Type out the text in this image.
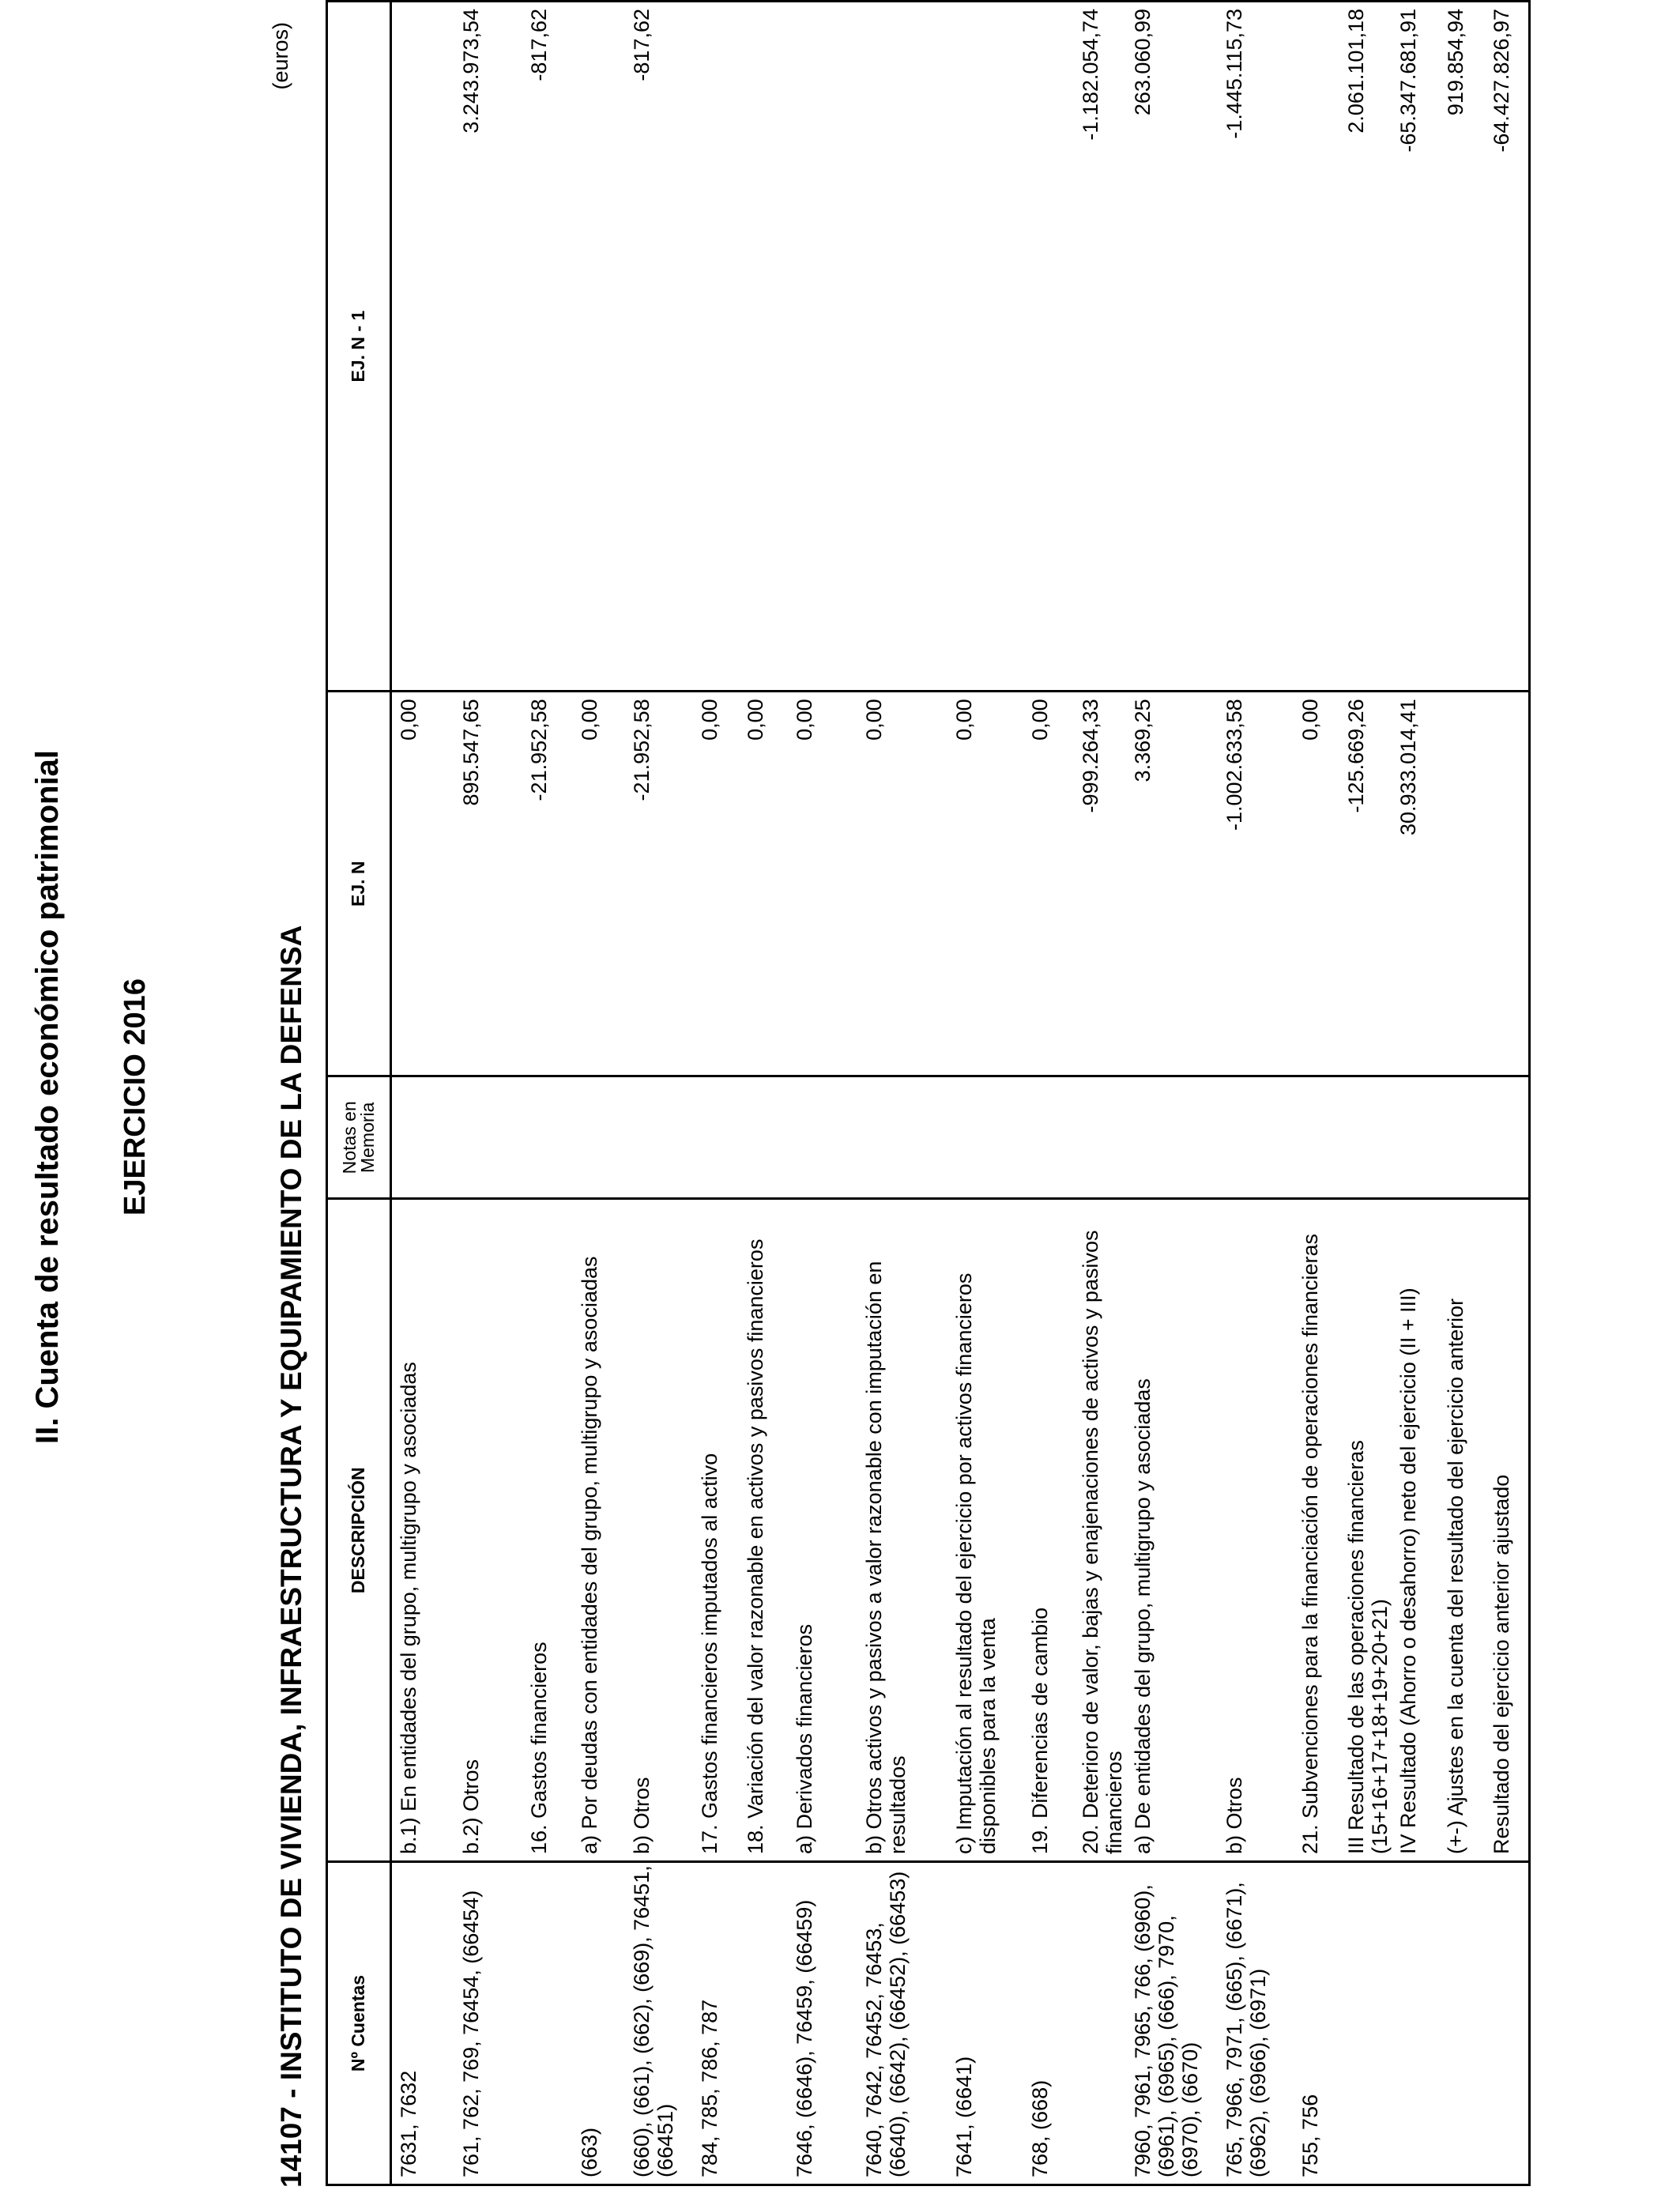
II. Cuenta de resultado económico patrimonial EJERCICIO 2016	14107 - INSTITUTO DE VIVIENDA, INFRAESTRUCTURA Y EQUIPAMIENTO DE LA DEFENSA
(euros)
Nº Cuentas	DESCRIPCIÓN	Notas en Memoria	EJ. N	EJ. N - 1
7631, 7632	b.1) En entidades del grupo, multigrupo y asociadas		0,00	
761, 762, 769, 76454, (66454)	b.2) Otros		895.547,65	3.243.973,54
	16. Gastos financieros		-21.952,58	-817,62
(663)	a) Por deudas con entidades del grupo, multigrupo y asociadas		0,00	
(660), (661), (662), (669), 76451, (66451)	b) Otros		-21.952,58	-817,62
784, 785, 786, 787	17. Gastos financieros imputados al activo		0,00	
	18. Variación del valor razonable en activos y pasivos financieros		0,00	
7646, (6646), 76459, (66459)	a) Derivados financieros		0,00	
7640, 7642, 76452, 76453, (6640), (6642), (66452), (66453)	b) Otros activos y pasivos a valor razonable con imputación en resultados		0,00	
7641, (6641)	c) Imputación al resultado del ejercicio por activos financieros disponibles para la venta		0,00	
768, (668)	19. Diferencias de cambio		0,00	
	20. Deterioro de valor, bajas y enajenaciones de activos y pasivos financieros		-999.264,33	-1.182.054,74
7960, 7961, 7965, 766, (6960), (6961), (6965), (666), 7970, (6970), (6670)	a) De entidades del grupo, multigrupo y asociadas		3.369,25	263.060,99
765, 7966, 7971, (665), (6671), (6962), (6966), (6971)	b) Otros		-1.002.633,58	-1.445.115,73
755, 756	21. Subvenciones para la financiación de operaciones financieras		0,00	
	III Resultado de las operaciones financieras (15+16+17+18+19+20+21)		-125.669,26	2.061.101,18
	IV Resultado (Ahorro o desahorro) neto del ejercicio (II + III)		30.933.014,41	-65.347.681,91
	(+-) Ajustes en la cuenta del resultado del ejercicio anterior			919.854,94
	Resultado del ejercicio anterior ajustado			-64.427.826,97
